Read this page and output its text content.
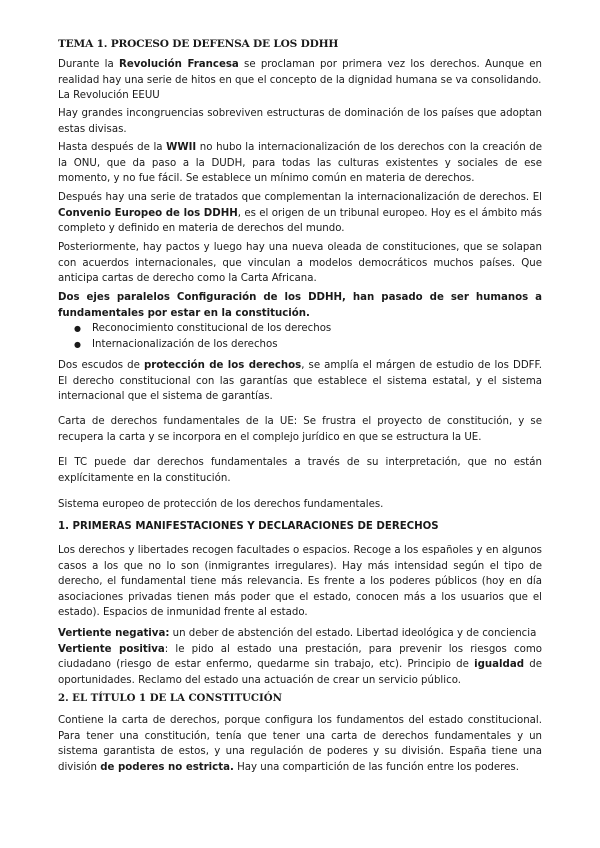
TEMA 1. PROCESO DE DEFENSA DE LOS DDHH

Durante la Revolución Francesa se proclaman por primera vez los derechos. Aunque en realidad hay una serie de hitos en que el concepto de la dignidad humana se va consolidando.
La Revolución EEUU

Hay grandes incongruencias sobreviven estructuras de dominación de los países que adoptan estas divisas.

Hasta después de la WWII no hubo la internacionalización de los derechos con la creación de la ONU, que da paso a la DUDH, para todas las culturas existentes y sociales de ese momento, y no fue fácil. Se establece un mínimo común en materia de derechos.

Después hay una serie de tratados que complementan la internacionalización de derechos. El Convenio Europeo de los DDHH, es el origen de un tribunal europeo. Hoy es el ámbito más completo y definido en materia de derechos del mundo.

Posteriormente, hay pactos y luego hay una nueva oleada de constituciones, que se solapan con acuerdos internacionales, que vinculan a modelos democráticos muchos países. Que anticipa cartas de derecho como la Carta Africana.

Dos ejes paralelos Configuración de los DDHH, han pasado de ser humanos a fundamentales por estar en la constitución.

● Reconocimiento constitucional de los derechos
● Internacionalización de los derechos

Dos escudos de protección de los derechos, se amplía el márgen de estudio de los DDFF. El derecho constitucional con las garantías que establece el sistema estatal, y el sistema internacional que el sistema de garantías.

Carta de derechos fundamentales de la UE: Se frustra el proyecto de constitución, y se recupera la carta y se incorpora en el complejo jurídico en que se estructura la UE.

El TC puede dar derechos fundamentales a través de su interpretación, que no están explícitamente en la constitución.

Sistema europeo de protección de los derechos fundamentales.

1. PRIMERAS MANIFESTACIONES Y DECLARACIONES DE DERECHOS

Los derechos y libertades recogen facultades o espacios. Recoge a los españoles y en algunos casos a los que no lo son (inmigrantes irregulares). Hay más intensidad según el tipo de derecho, el fundamental tiene más relevancia. Es frente a los poderes públicos (hoy en día asociaciones privadas tienen más poder que el estado, conocen más a los usuarios que el estado). Espacios de inmunidad frente al estado.

Vertiente negativa: un deber de abstención del estado. Libertad ideológica y de conciencia
Vertiente positiva: le pido al estado una prestación, para prevenir los riesgos como ciudadano (riesgo de estar enfermo, quedarme sin trabajo, etc). Principio de igualdad de oportunidades. Reclamo del estado una actuación de crear un servicio público.

2. EL TÍTULO 1 DE LA CONSTITUCIÓN

Contiene la carta de derechos, porque configura los fundamentos del estado constitucional. Para tener una constitución, tenía que tener una carta de derechos fundamentales y un sistema garantista de estos, y una regulación de poderes y su división. España tiene una división de poderes no estricta. Hay una compartición de las función entre los poderes.
